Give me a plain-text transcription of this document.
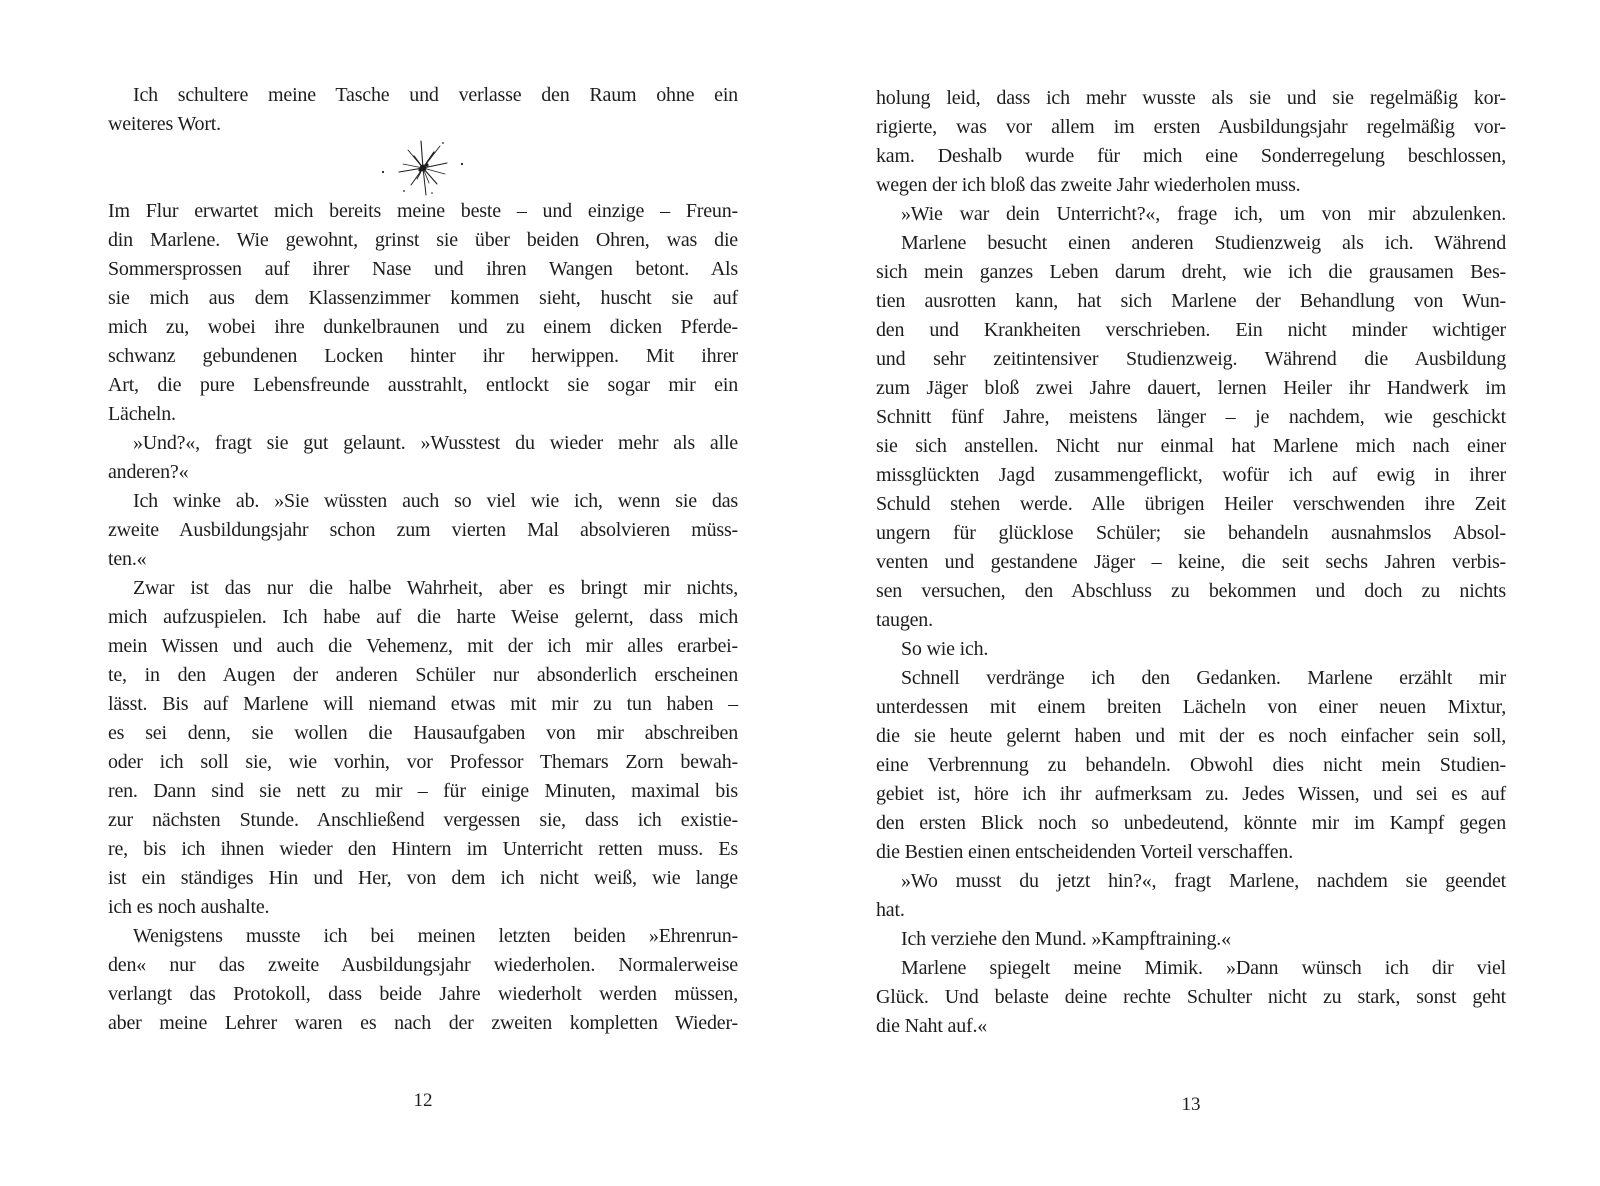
Ich schultere meine Tasche und verlasse den Raum ohne ein
weiteres Wort.
Im Flur erwartet mich bereits meine beste – und einzige – Freun-
din Marlene. Wie gewohnt, grinst sie über beiden Ohren, was die
Sommersprossen auf ihrer Nase und ihren Wangen betont. Als
sie mich aus dem Klassenzimmer kommen sieht, huscht sie auf
mich zu, wobei ihre dunkelbraunen und zu einem dicken Pferde-
schwanz gebundenen Locken hinter ihr herwippen. Mit ihrer
Art, die pure Lebensfreunde ausstrahlt, entlockt sie sogar mir ein
Lächeln.
»Und?«, fragt sie gut gelaunt. »Wusstest du wieder mehr als alle
anderen?«
Ich winke ab. »Sie wüssten auch so viel wie ich, wenn sie das
zweite Ausbildungsjahr schon zum vierten Mal absolvieren müss-
ten.«
Zwar ist das nur die halbe Wahrheit, aber es bringt mir nichts,
mich aufzuspielen. Ich habe auf die harte Weise gelernt, dass mich
mein Wissen und auch die Vehemenz, mit der ich mir alles erarbei-
te, in den Augen der anderen Schüler nur absonderlich erscheinen
lässt. Bis auf Marlene will niemand etwas mit mir zu tun haben –
es sei denn, sie wollen die Hausaufgaben von mir abschreiben
oder ich soll sie, wie vorhin, vor Professor Themars Zorn bewah-
ren. Dann sind sie nett zu mir – für einige Minuten, maximal bis
zur nächsten Stunde. Anschließend vergessen sie, dass ich existie-
re, bis ich ihnen wieder den Hintern im Unterricht retten muss. Es
ist ein ständiges Hin und Her, von dem ich nicht weiß, wie lange
ich es noch aushalte.
Wenigstens musste ich bei meinen letzten beiden »Ehrenrun-
den« nur das zweite Ausbildungsjahr wiederholen. Normalerweise
verlangt das Protokoll, dass beide Jahre wiederholt werden müssen,
aber meine Lehrer waren es nach der zweiten kompletten Wieder-
holung leid, dass ich mehr wusste als sie und sie regelmäßig kor-
rigierte, was vor allem im ersten Ausbildungsjahr regelmäßig vor-
kam. Deshalb wurde für mich eine Sonderregelung beschlossen,
wegen der ich bloß das zweite Jahr wiederholen muss.
»Wie war dein Unterricht?«, frage ich, um von mir abzulenken.
Marlene besucht einen anderen Studienzweig als ich. Während
sich mein ganzes Leben darum dreht, wie ich die grausamen Bes-
tien ausrotten kann, hat sich Marlene der Behandlung von Wun-
den und Krankheiten verschrieben. Ein nicht minder wichtiger
und sehr zeitintensiver Studienzweig. Während die Ausbildung
zum Jäger bloß zwei Jahre dauert, lernen Heiler ihr Handwerk im
Schnitt fünf Jahre, meistens länger – je nachdem, wie geschickt
sie sich anstellen. Nicht nur einmal hat Marlene mich nach einer
missglückten Jagd zusammengeflickt, wofür ich auf ewig in ihrer
Schuld stehen werde. Alle übrigen Heiler verschwenden ihre Zeit
ungern für glücklose Schüler; sie behandeln ausnahmslos Absol-
venten und gestandene Jäger – keine, die seit sechs Jahren verbis-
sen versuchen, den Abschluss zu bekommen und doch zu nichts
taugen.
So wie ich.
Schnell verdränge ich den Gedanken. Marlene erzählt mir
unterdessen mit einem breiten Lächeln von einer neuen Mixtur,
die sie heute gelernt haben und mit der es noch einfacher sein soll,
eine Verbrennung zu behandeln. Obwohl dies nicht mein Studien-
gebiet ist, höre ich ihr aufmerksam zu. Jedes Wissen, und sei es auf
den ersten Blick noch so unbedeutend, könnte mir im Kampf gegen
die Bestien einen entscheidenden Vorteil verschaffen.
»Wo musst du jetzt hin?«, fragt Marlene, nachdem sie geendet
hat.
Ich verziehe den Mund. »Kampftraining.«
Marlene spiegelt meine Mimik. »Dann wünsch ich dir viel
Glück. Und belaste deine rechte Schulter nicht zu stark, sonst geht
die Naht auf.«
12	13
